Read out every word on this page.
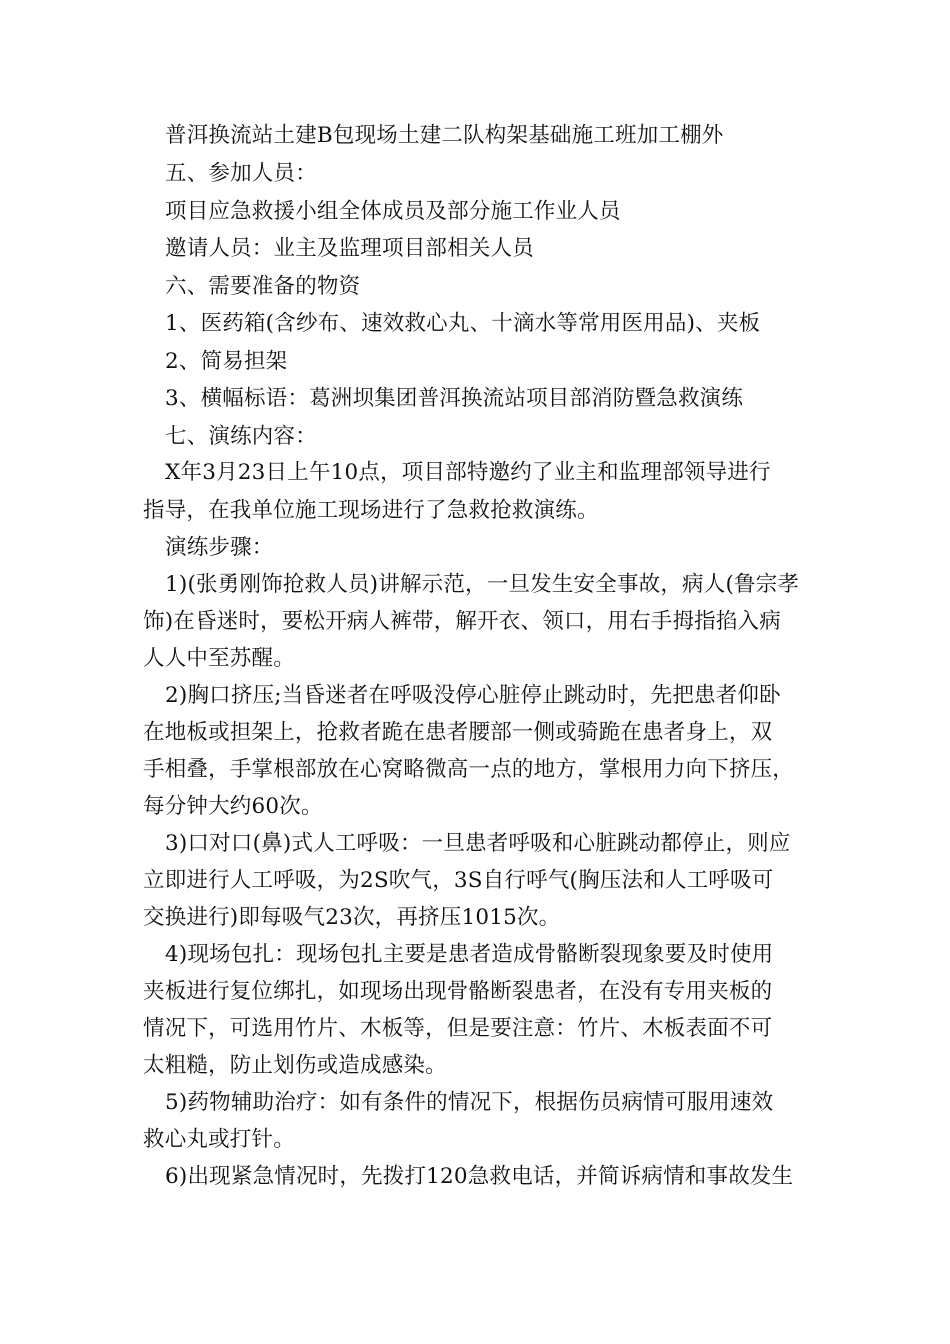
普洱换流站土建B包现场土建二队构架基础施工班加工棚外
五、参加人员：
项目应急救援小组全体成员及部分施工作业人员
邀请人员：业主及监理项目部相关人员
六、需要准备的物资
1、医药箱(含纱布、速效救心丸、十滴水等常用医用品)、夹板
2、简易担架
3、横幅标语：葛洲坝集团普洱换流站项目部消防暨急救演练
七、演练内容：
X年3月23日上午10点，项目部特邀约了业主和监理部领导进行
指导，在我单位施工现场进行了急救抢救演练。
演练步骤：
1)(张勇刚饰抢救人员)讲解示范，一旦发生安全事故，病人(鲁宗孝
饰)在昏迷时，要松开病人裤带，解开衣、领口，用右手拇指掐入病
人人中至苏醒。
2)胸口挤压;当昏迷者在呼吸没停心脏停止跳动时，先把患者仰卧
在地板或担架上，抢救者跪在患者腰部一侧或骑跪在患者身上，双
手相叠，手掌根部放在心窝略微高一点的地方，掌根用力向下挤压，
每分钟大约60次。
3)口对口(鼻)式人工呼吸：一旦患者呼吸和心脏跳动都停止，则应
立即进行人工呼吸，为2S吹气，3S自行呼气(胸压法和人工呼吸可
交换进行)即每吸气23次，再挤压1015次。
4)现场包扎：现场包扎主要是患者造成骨骼断裂现象要及时使用
夹板进行复位绑扎，如现场出现骨骼断裂患者，在没有专用夹板的
情况下，可选用竹片、木板等，但是要注意：竹片、木板表面不可
太粗糙，防止划伤或造成感染。
5)药物辅助治疗：如有条件的情况下，根据伤员病情可服用速效
救心丸或打针。
6)出现紧急情况时，先拨打120急救电话，并简诉病情和事故发生
